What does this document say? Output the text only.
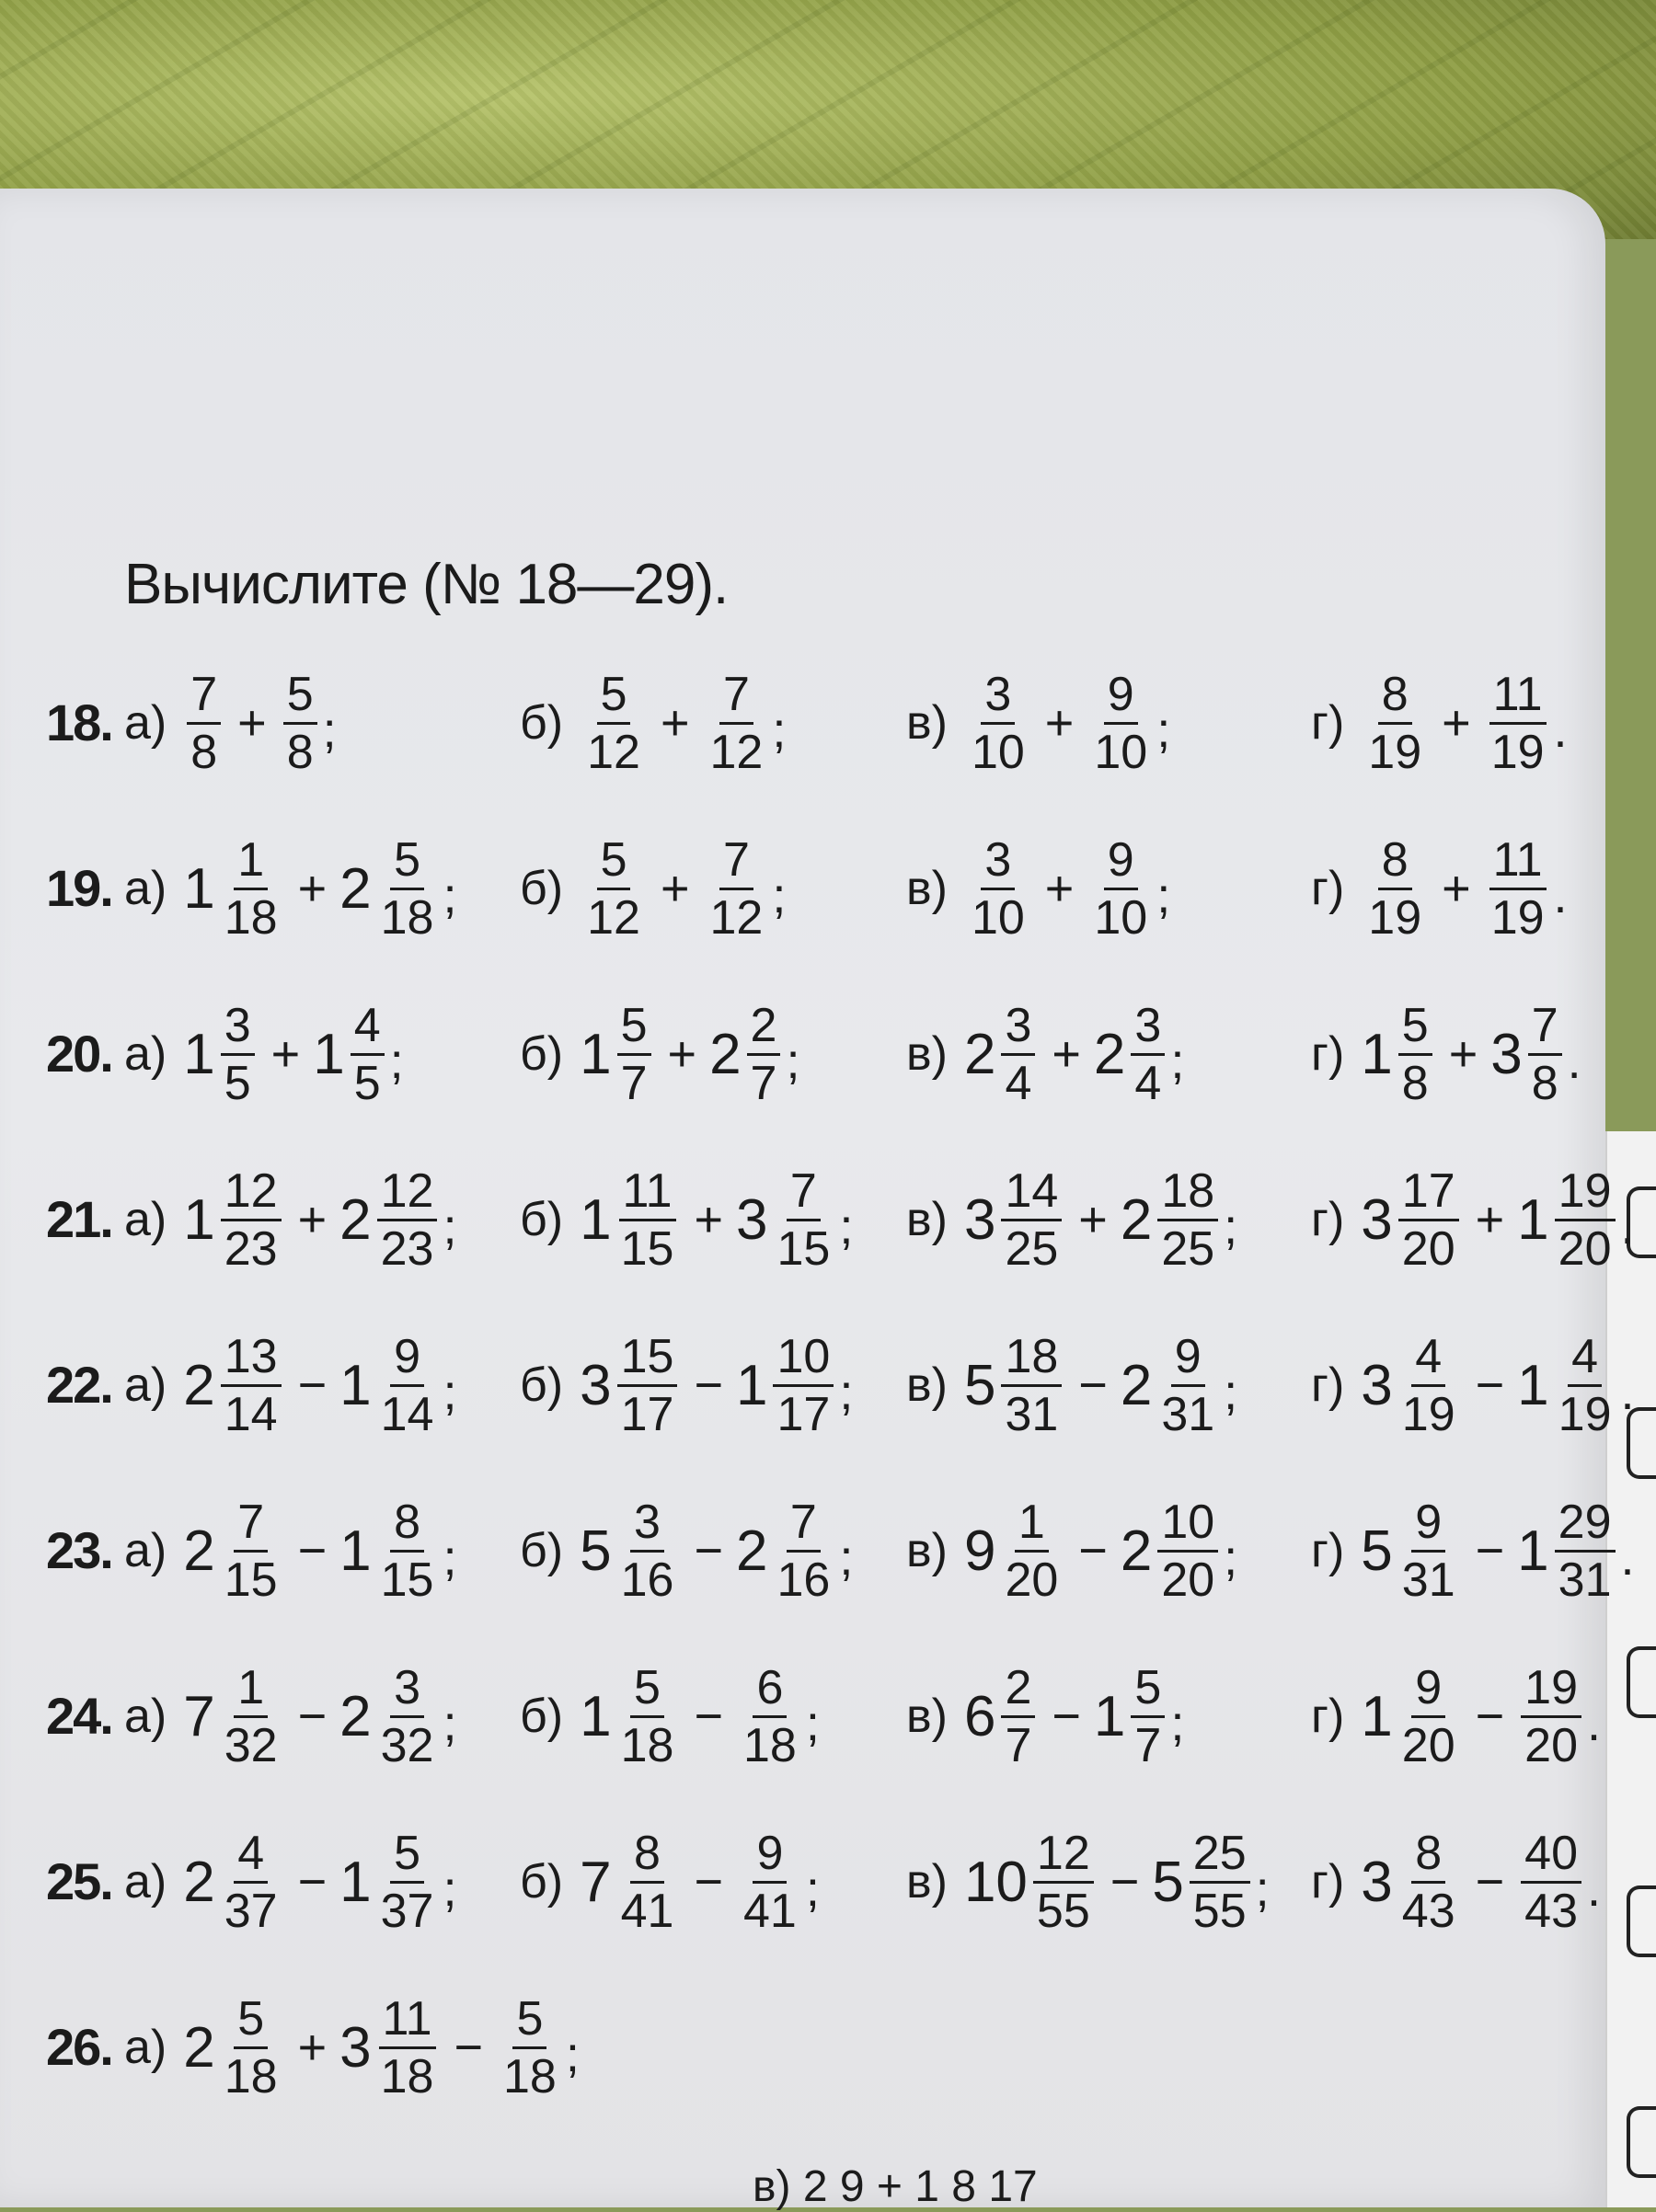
Вычислите (№ 18—29).
18. $а) \frac{7}{8} + \frac{5}{8}$ ;	$б) \frac{5}{12} + \frac{7}{12}$ ;	$в) \frac{3}{10} + \frac{9}{10}$ ;	$г) \frac{8}{19} + \frac{11}{19}$ .
19. а) $1 \frac{1}{18} + 2 \frac{5}{18}$ ; $б) \frac{5}{12} + \frac{7}{12}$ ;	$в) \frac{3}{10} + \frac{9}{10}$ ;	$г) \frac{8}{19} + \frac{11}{19}$ .
20. а) $1 \frac{3}{5} + 1 \frac{4}{5}$ ; б) $1 \frac{5}{7} + 2 \frac{2}{7}$ ; в) $2 \frac{3}{4} + 2 \frac{3}{4}$ ;	г) $1 \frac{5}{8} + 3 \frac{7}{8}$ .
21. а) $1 \frac{12}{23} + 2 \frac{12}{23}$ ; б) $1 \frac{11}{15} + 3 \frac{7}{15}$ ; в) $3 \frac{14}{25} + 2 \frac{18}{25}$ ; г) $3 \frac{17}{20} + 1 \frac{19}{20}$ .
22. а) $2 \frac{13}{14} - 1 \frac{9}{14}$ ; б) $3 \frac{15}{17} - 1 \frac{10}{17}$ ; в) $5 \frac{18}{31} - 2 \frac{9}{31}$ ; г) $3 \frac{4}{19} - 1 \frac{4}{19}$ .
23. а) $2 \frac{7}{15} - 1 \frac{8}{15}$ ; б) $5 \frac{3}{16} - 2 \frac{7}{16}$ ; в) $9 \frac{1}{20} - 2 \frac{10}{20}$ ; г) $5 \frac{9}{31} - 1 \frac{29}{31}$ .
24. а) $7 \frac{1}{32} - 2 \frac{3}{32}$ ; б) $1 \frac{5}{18} - \frac{6}{18}$ ; в) $6 \frac{2}{7} - 1 \frac{5}{7}$ ;	г) $1 \frac{9}{20} - \frac{19}{20}$ .
25. а) $2 \frac{4}{37} - 1 \frac{5}{37}$ ; б) $7 \frac{8}{41} - \frac{9}{41}$ ; в) $10 \frac{12}{55} - 5 \frac{25}{55}$ ; г) $3 \frac{8}{43} - \frac{40}{43}$ .
26. а) $2 \frac{5}{18} + 3 \frac{11}{18} - \frac{5}{18}$ ;
в) 2 9 + 1 8 17
